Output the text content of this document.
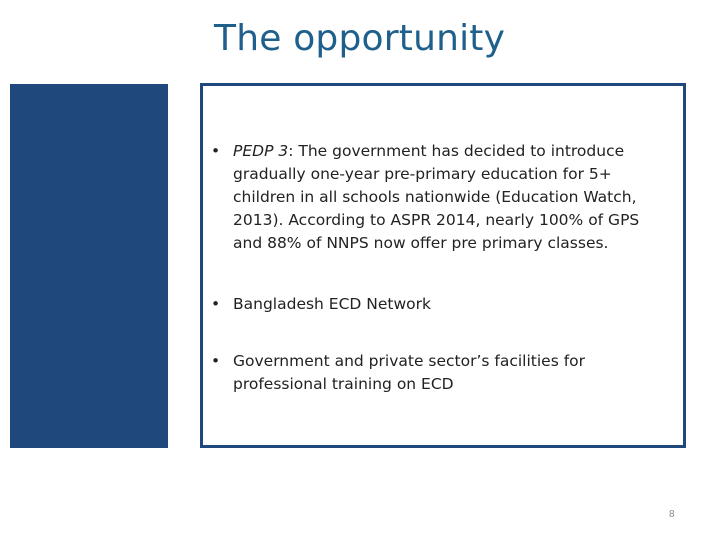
The opportunity
• PEDP 3: The government has decided to introduce gradually one-year pre-primary education for 5+ children in all schools nationwide (Education Watch, 2013). According to ASPR 2014, nearly 100% of GPS and 88% of NNPS now offer pre primary classes.
• Bangladesh ECD Network
• Government and private sector’s facilities for professional training on ECD
8
